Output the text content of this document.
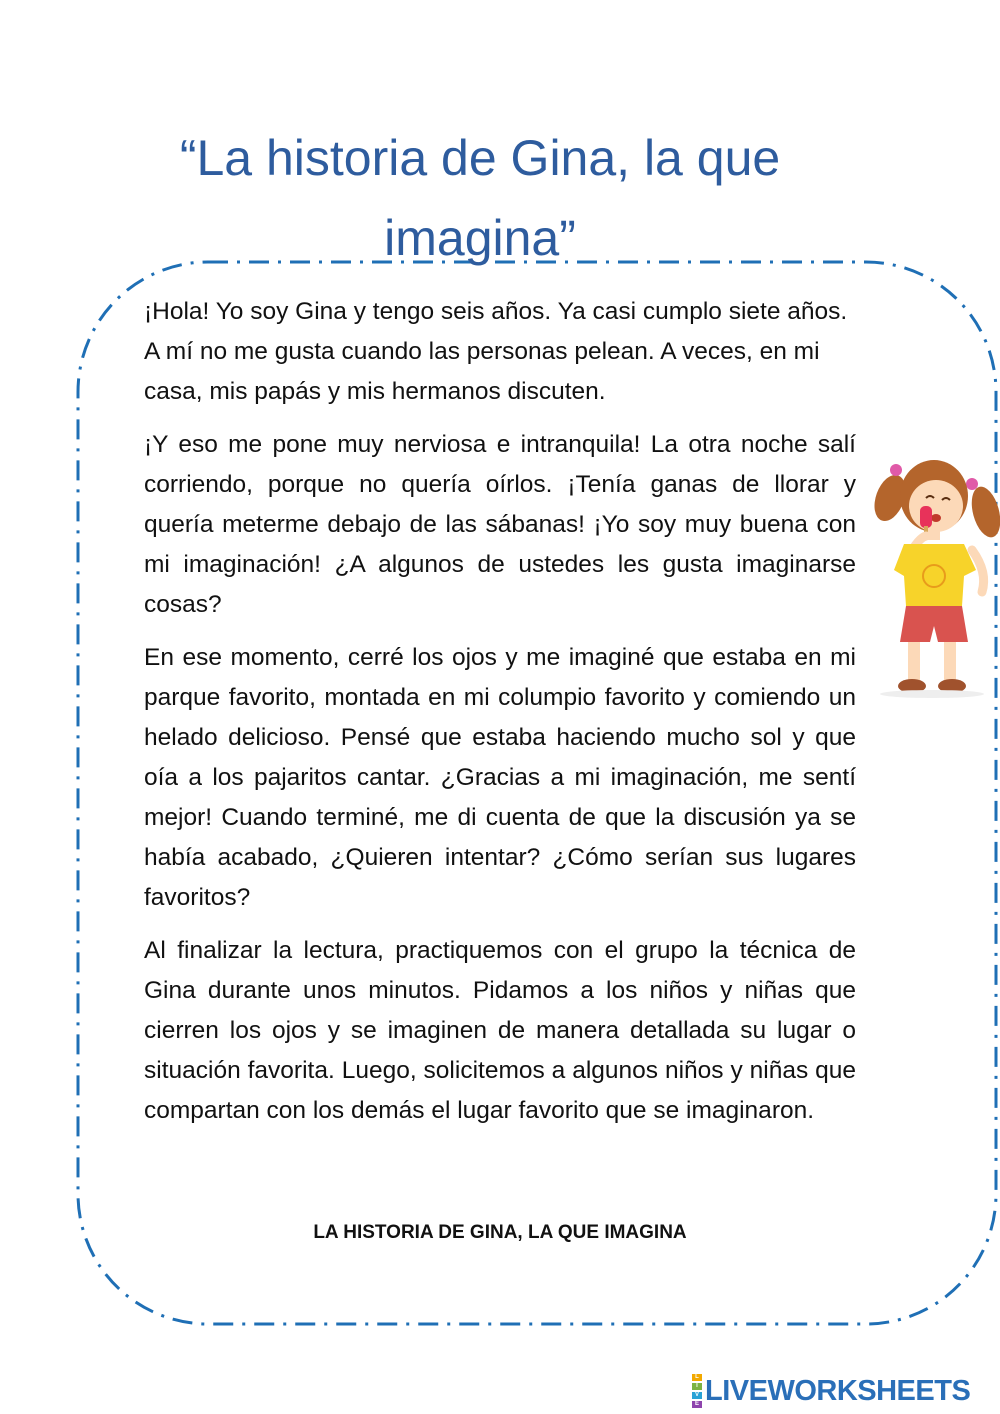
“La historia de Gina, la que imagina”

¡Hola! Yo soy Gina y tengo seis años. Ya casi cumplo siete años. A mí no me gusta cuando las personas pelean. A veces, en mi casa, mis papás y mis hermanos discuten.

¡Y eso me pone muy nerviosa e intranquila! La otra noche salí corriendo, porque no quería oírlos. ¡Tenía ganas de llorar y quería meterme debajo de las sábanas! ¡Yo soy muy buena con mi imaginación! ¿A algunos de ustedes les gusta imaginarse cosas?

En ese momento, cerré los ojos y me imaginé que estaba en mi parque favorito, montada en mi columpio favorito y comiendo un helado delicioso. Pensé que estaba haciendo mucho sol y que oía a los pajaritos cantar. ¿Gracias a mi imaginación, me sentí mejor! Cuando terminé, me di cuenta de que la discusión ya se había acabado, ¿Quieren intentar? ¿Cómo serían sus lugares favoritos?

Al finalizar la lectura, practiquemos con el grupo la técnica de Gina durante unos minutos. Pidamos a los niños y niñas que cierren los ojos y se imaginen de manera detallada su lugar o situación favorita. Luego, solicitemos a algunos niños y niñas que compartan con los demás el lugar favorito que se imaginaron.

LA HISTORIA DE GINA, LA QUE IMAGINA
L
I
V
E LIVEWORKSHEETS
